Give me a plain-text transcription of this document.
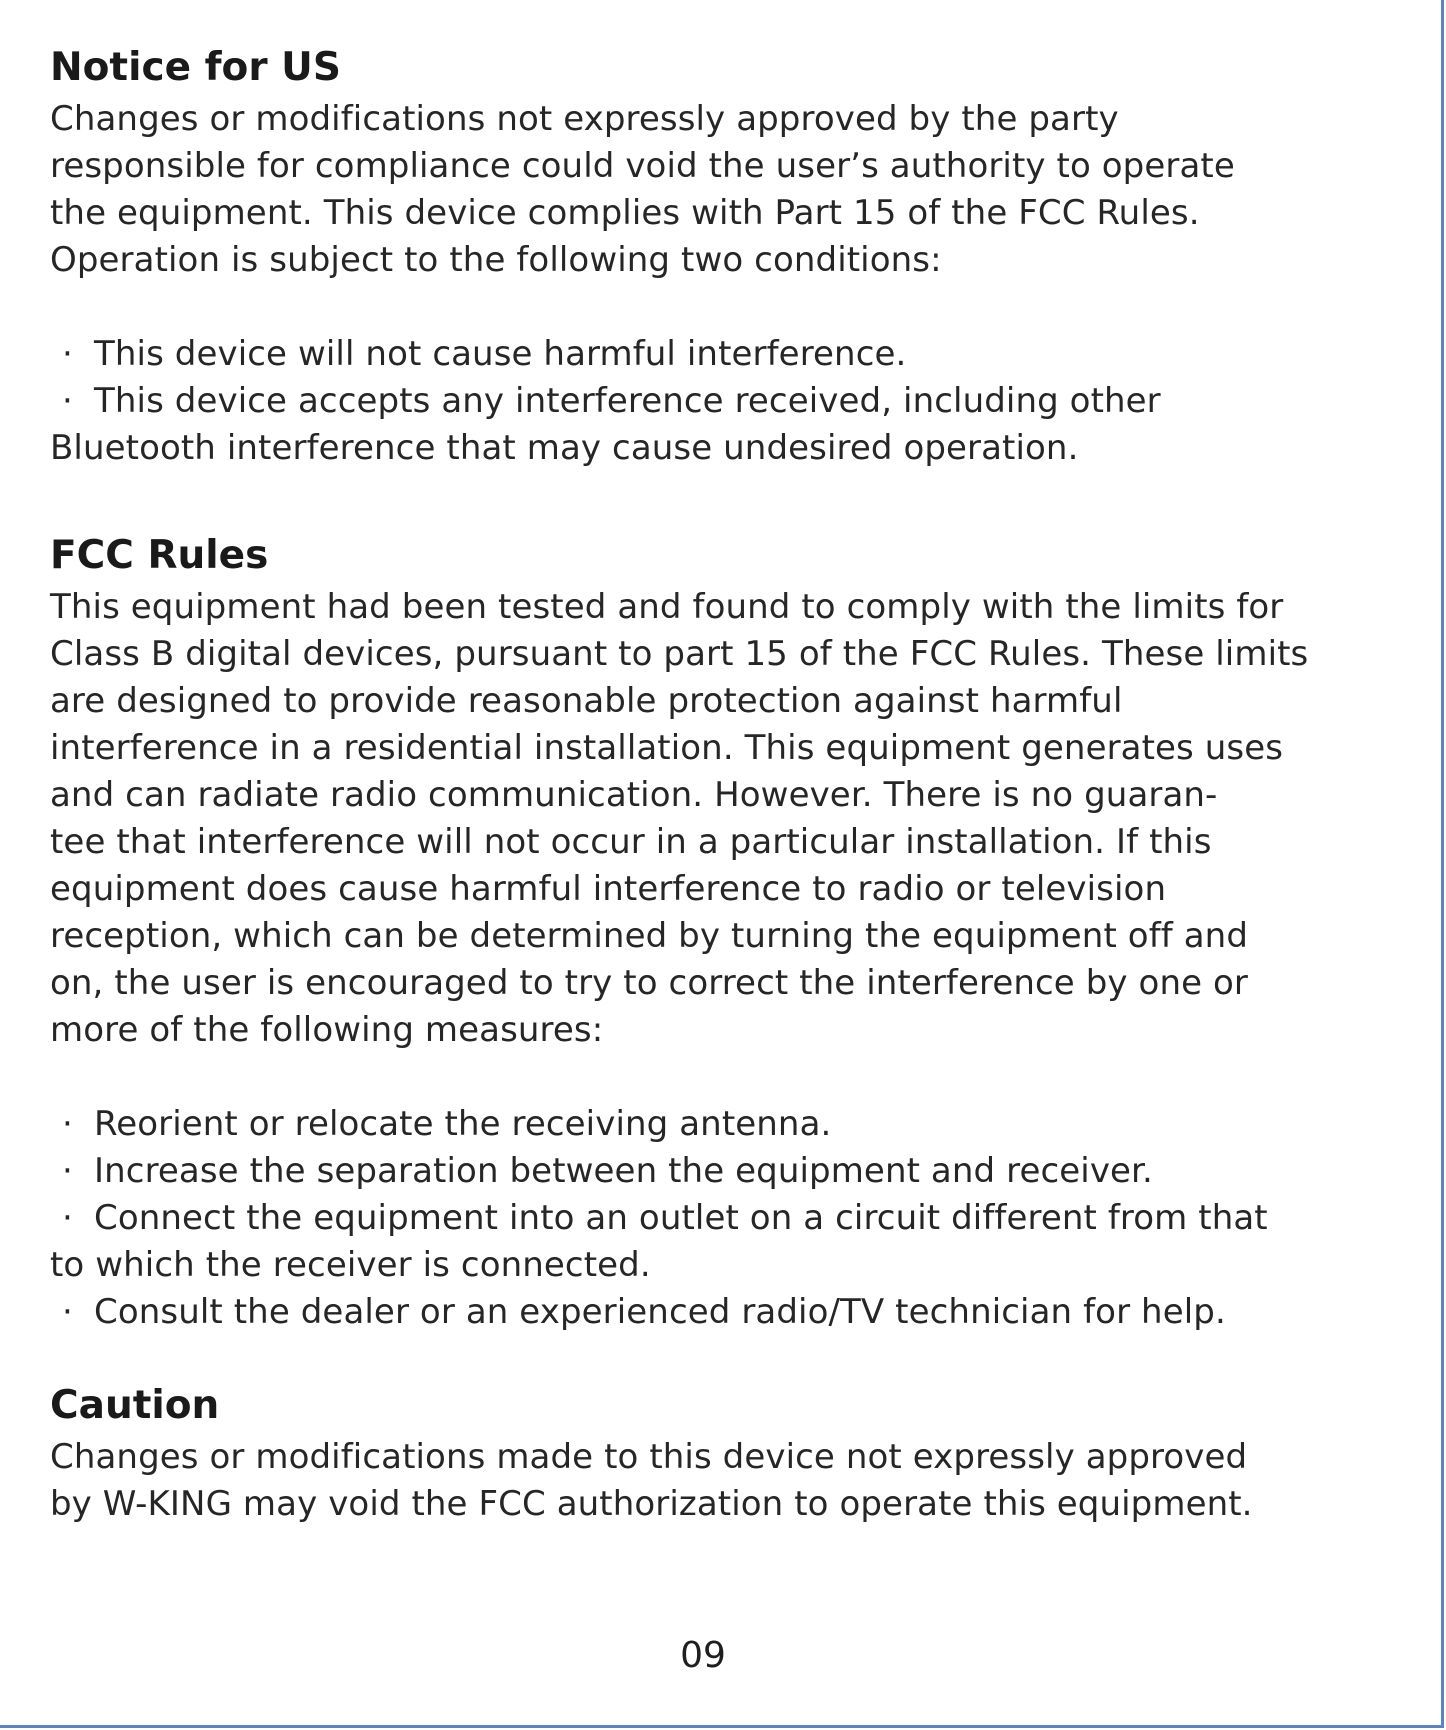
Notice for US

Changes or modifications not expressly approved by the party

responsible for compliance could void the user’s authority to operate

the equipment. This device complies with Part 15 of the FCC Rules.

Operation is subject to the following two conditions:

· This device will not cause harmful interference.
· This device accepts any interference received, including other

Bluetooth interference that may cause undesired operation.

FCC Rules

This equipment had been tested and found to comply with the limits for

Class B digital devices, pursuant to part 15 of the FCC Rules. These limits

are designed to provide reasonable protection against harmful

interference in a residential installation. This equipment generates uses

and can radiate radio communication. However. There is no guaran-

tee that interference will not occur in a particular installation. If this

equipment does cause harmful interference to radio or television

reception, which can be determined by turning the equipment off and

on, the user is encouraged to try to correct the interference by one or

more of the following measures:

· Reorient or relocate the receiving antenna.
· Increase the separation between the equipment and receiver.
· Connect the equipment into an outlet on a circuit different from that

to which the receiver is connected.

· Consult the dealer or an experienced radio/TV technician for help.
Caution

Changes or modifications made to this device not expressly approved

by W-KING may void the FCC authorization to operate this equipment.

09
